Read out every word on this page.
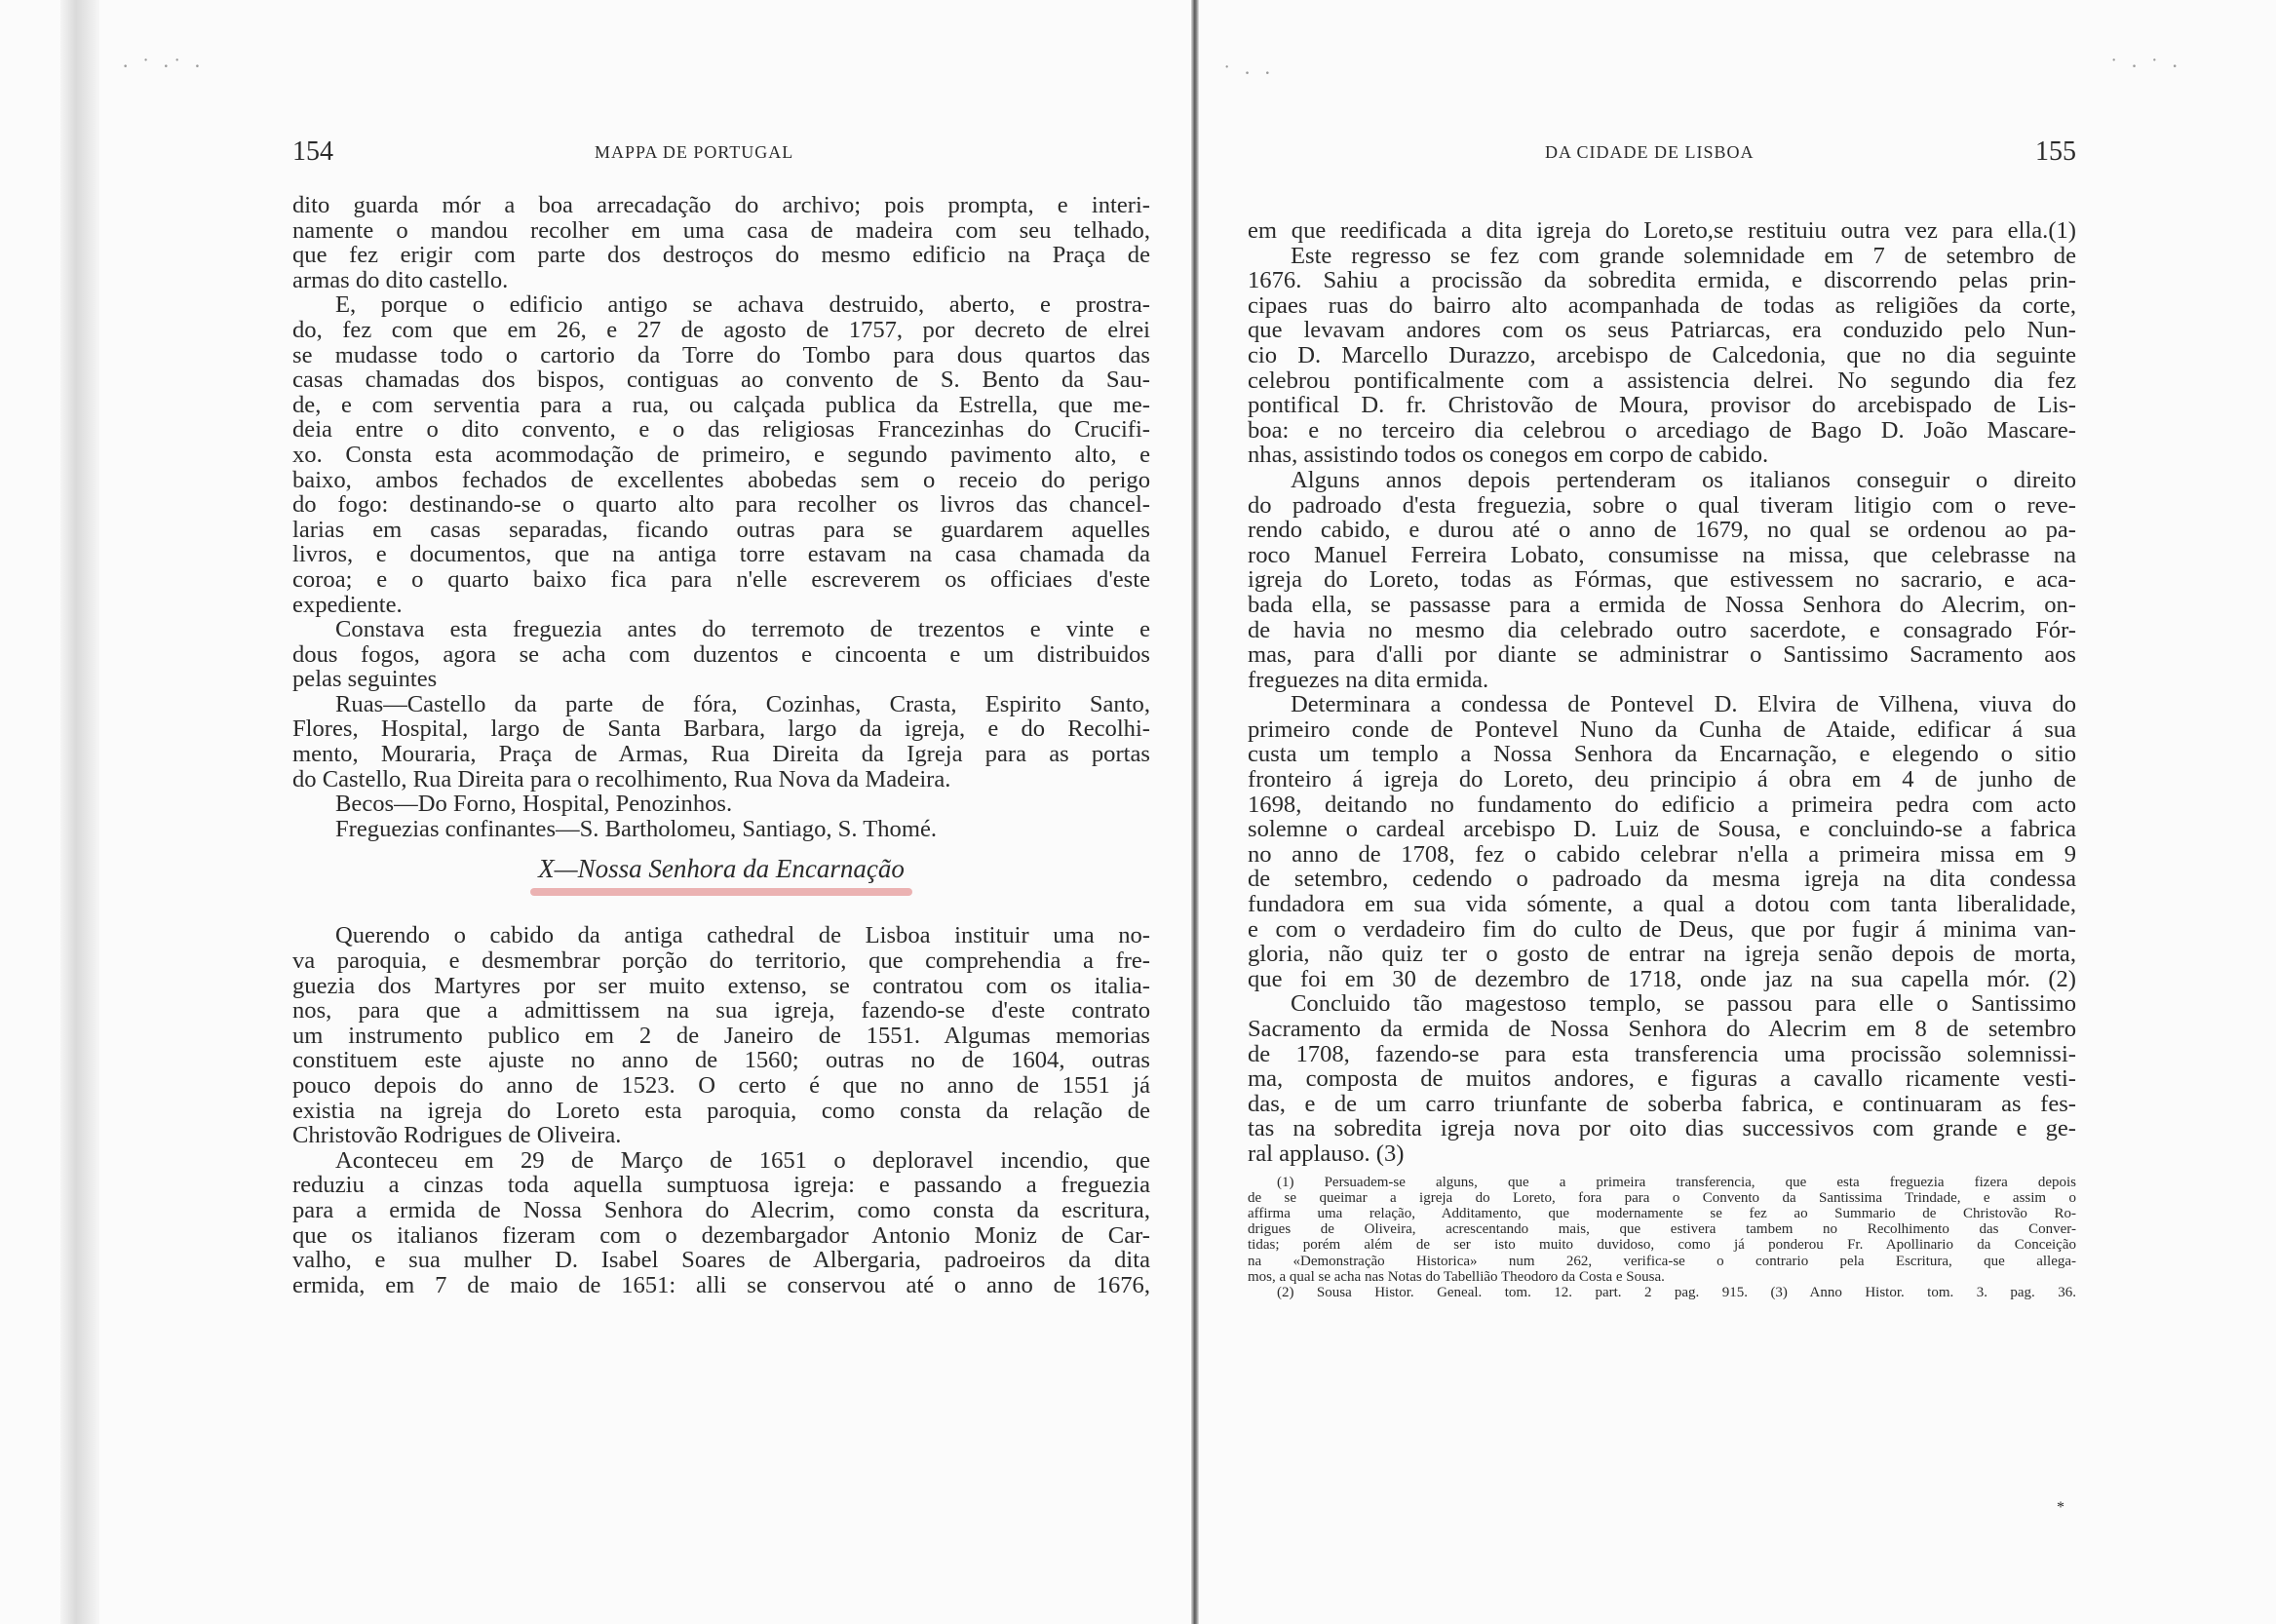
· ˙ ·˙ ·	˙ · ·	˙ · ˙ ·
154	MAPPA DE PORTUGAL
dito guarda mór a boa arrecadação do archivo; pois prompta, e interi-
namente o mandou recolher em uma casa de madeira com seu telhado,
que fez erigir com parte dos destroços do mesmo edificio na Praça de
armas do dito castello.
E, porque o edificio antigo se achava destruido, aberto, e prostra-
do, fez com que em 26, e 27 de agosto de 1757, por decreto de elrei
se mudasse todo o cartorio da Torre do Tombo para dous quartos das
casas chamadas dos bispos, contiguas ao convento de S. Bento da Sau-
de, e com serventia para a rua, ou calçada publica da Estrella, que me-
deia entre o dito convento, e o das religiosas Francezinhas do Crucifi-
xo. Consta esta acommodação de primeiro, e segundo pavimento alto, e
baixo, ambos fechados de excellentes abobedas sem o receio do perigo
do fogo: destinando-se o quarto alto para recolher os livros das chancel-
larias em casas separadas, ficando outras para se guardarem aquelles
livros, e documentos, que na antiga torre estavam na casa chamada da
coroa; e o quarto baixo fica para n'elle escreverem os officiaes d'este
expediente.
Constava esta freguezia antes do terremoto de trezentos e vinte e
dous fogos, agora se acha com duzentos e cincoenta e um distribuidos
pelas seguintes
Ruas—Castello da parte de fóra, Cozinhas, Crasta, Espirito Santo,
Flores, Hospital, largo de Santa Barbara, largo da igreja, e do Recolhi-
mento, Mouraria, Praça de Armas, Rua Direita da Igreja para as portas
do Castello, Rua Direita para o recolhimento, Rua Nova da Madeira.
Becos—Do Forno, Hospital, Penozinhos.
Freguezias confinantes—S. Bartholomeu, Santiago, S. Thomé.
X—Nossa Senhora da Encarnação
Querendo o cabido da antiga cathedral de Lisboa instituir uma no-
va paroquia, e desmembrar porção do territorio, que comprehendia a fre-
guezia dos Martyres por ser muito extenso, se contratou com os italia-
nos, para que a admittissem na sua igreja, fazendo-se d'este contrato
um instrumento publico em 2 de Janeiro de 1551. Algumas memorias
constituem este ajuste no anno de 1560; outras no de 1604, outras
pouco depois do anno de 1523. O certo é que no anno de 1551 já
existia na igreja do Loreto esta paroquia, como consta da relação de
Christovão Rodrigues de Oliveira.
Aconteceu em 29 de Março de 1651 o deploravel incendio, que
reduziu a cinzas toda aquella sumptuosa igreja: e passando a freguezia
para a ermida de Nossa Senhora do Alecrim, como consta da escritura,
que os italianos fizeram com o dezembargador Antonio Moniz de Car-
valho, e sua mulher D. Isabel Soares de Albergaria, padroeiros da dita
ermida, em 7 de maio de 1651: alli se conservou até o anno de 1676,
DA CIDADE DE LISBOA	155
em que reedificada a dita igreja do Loreto,se restituiu outra vez para ella.(1)
Este regresso se fez com grande solemnidade em 7 de setembro de
1676. Sahiu a procissão da sobredita ermida, e discorrendo pelas prin-
cipaes ruas do bairro alto acompanhada de todas as religiões da corte,
que levavam andores com os seus Patriarcas, era conduzido pelo Nun-
cio D. Marcello Durazzo, arcebispo de Calcedonia, que no dia seguinte
celebrou pontificalmente com a assistencia delrei. No segundo dia fez
pontifical D. fr. Christovão de Moura, provisor do arcebispado de Lis-
boa: e no terceiro dia celebrou o arcediago de Bago D. João Mascare-
nhas, assistindo todos os conegos em corpo de cabido.
Alguns annos depois pertenderam os italianos conseguir o direito
do padroado d'esta freguezia, sobre o qual tiveram litigio com o reve-
rendo cabido, e durou até o anno de 1679, no qual se ordenou ao pa-
roco Manuel Ferreira Lobato, consumisse na missa, que celebrasse na
igreja do Loreto, todas as Fórmas, que estivessem no sacrario, e aca-
bada ella, se passasse para a ermida de Nossa Senhora do Alecrim, on-
de havia no mesmo dia celebrado outro sacerdote, e consagrado Fór-
mas, para d'alli por diante se administrar o Santissimo Sacramento aos
freguezes na dita ermida.
Determinara a condessa de Pontevel D. Elvira de Vilhena, viuva do
primeiro conde de Pontevel Nuno da Cunha de Ataide, edificar á sua
custa um templo a Nossa Senhora da Encarnação, e elegendo o sitio
fronteiro á igreja do Loreto, deu principio á obra em 4 de junho de
1698, deitando no fundamento do edificio a primeira pedra com acto
solemne o cardeal arcebispo D. Luiz de Sousa, e concluindo-se a fabrica
no anno de 1708, fez o cabido celebrar n'ella a primeira missa em 9
de setembro, cedendo o padroado da mesma igreja na dita condessa
fundadora em sua vida sómente, a qual a dotou com tanta liberalidade,
e com o verdadeiro fim do culto de Deus, que por fugir á minima van-
gloria, não quiz ter o gosto de entrar na igreja senão depois de morta,
que foi em 30 de dezembro de 1718, onde jaz na sua capella mór. (2)
Concluido tão magestoso templo, se passou para elle o Santissimo
Sacramento da ermida de Nossa Senhora do Alecrim em 8 de setembro
de 1708, fazendo-se para esta transferencia uma procissão solemnissi-
ma, composta de muitos andores, e figuras a cavallo ricamente vesti-
das, e de um carro triunfante de soberba fabrica, e continuaram as fes-
tas na sobredita igreja nova por oito dias successivos com grande e ge-
ral applauso. (3)
(1) Persuadem-se alguns, que a primeira transferencia, que esta freguezia fizera depois
de se queimar a igreja do Loreto, fora para o Convento da Santissima Trindade, e assim o
affirma uma relação, Additamento, que modernamente se fez ao Summario de Christovão Ro-
drigues de Oliveira, acrescentando mais, que estivera tambem no Recolhimento das Conver-
tidas; porém além de ser isto muito duvidoso, como já ponderou Fr. Apollinario da Conceição
na «Demonstração Historica» num 262, verifica-se o contrario pela Escritura, que allega-
mos, a qual se acha nas Notas do Tabellião Theodoro da Costa e Sousa.
(2) Sousa Histor. Geneal. tom. 12. part. 2 pag. 915. (3) Anno Histor. tom. 3. pag. 36.
*
